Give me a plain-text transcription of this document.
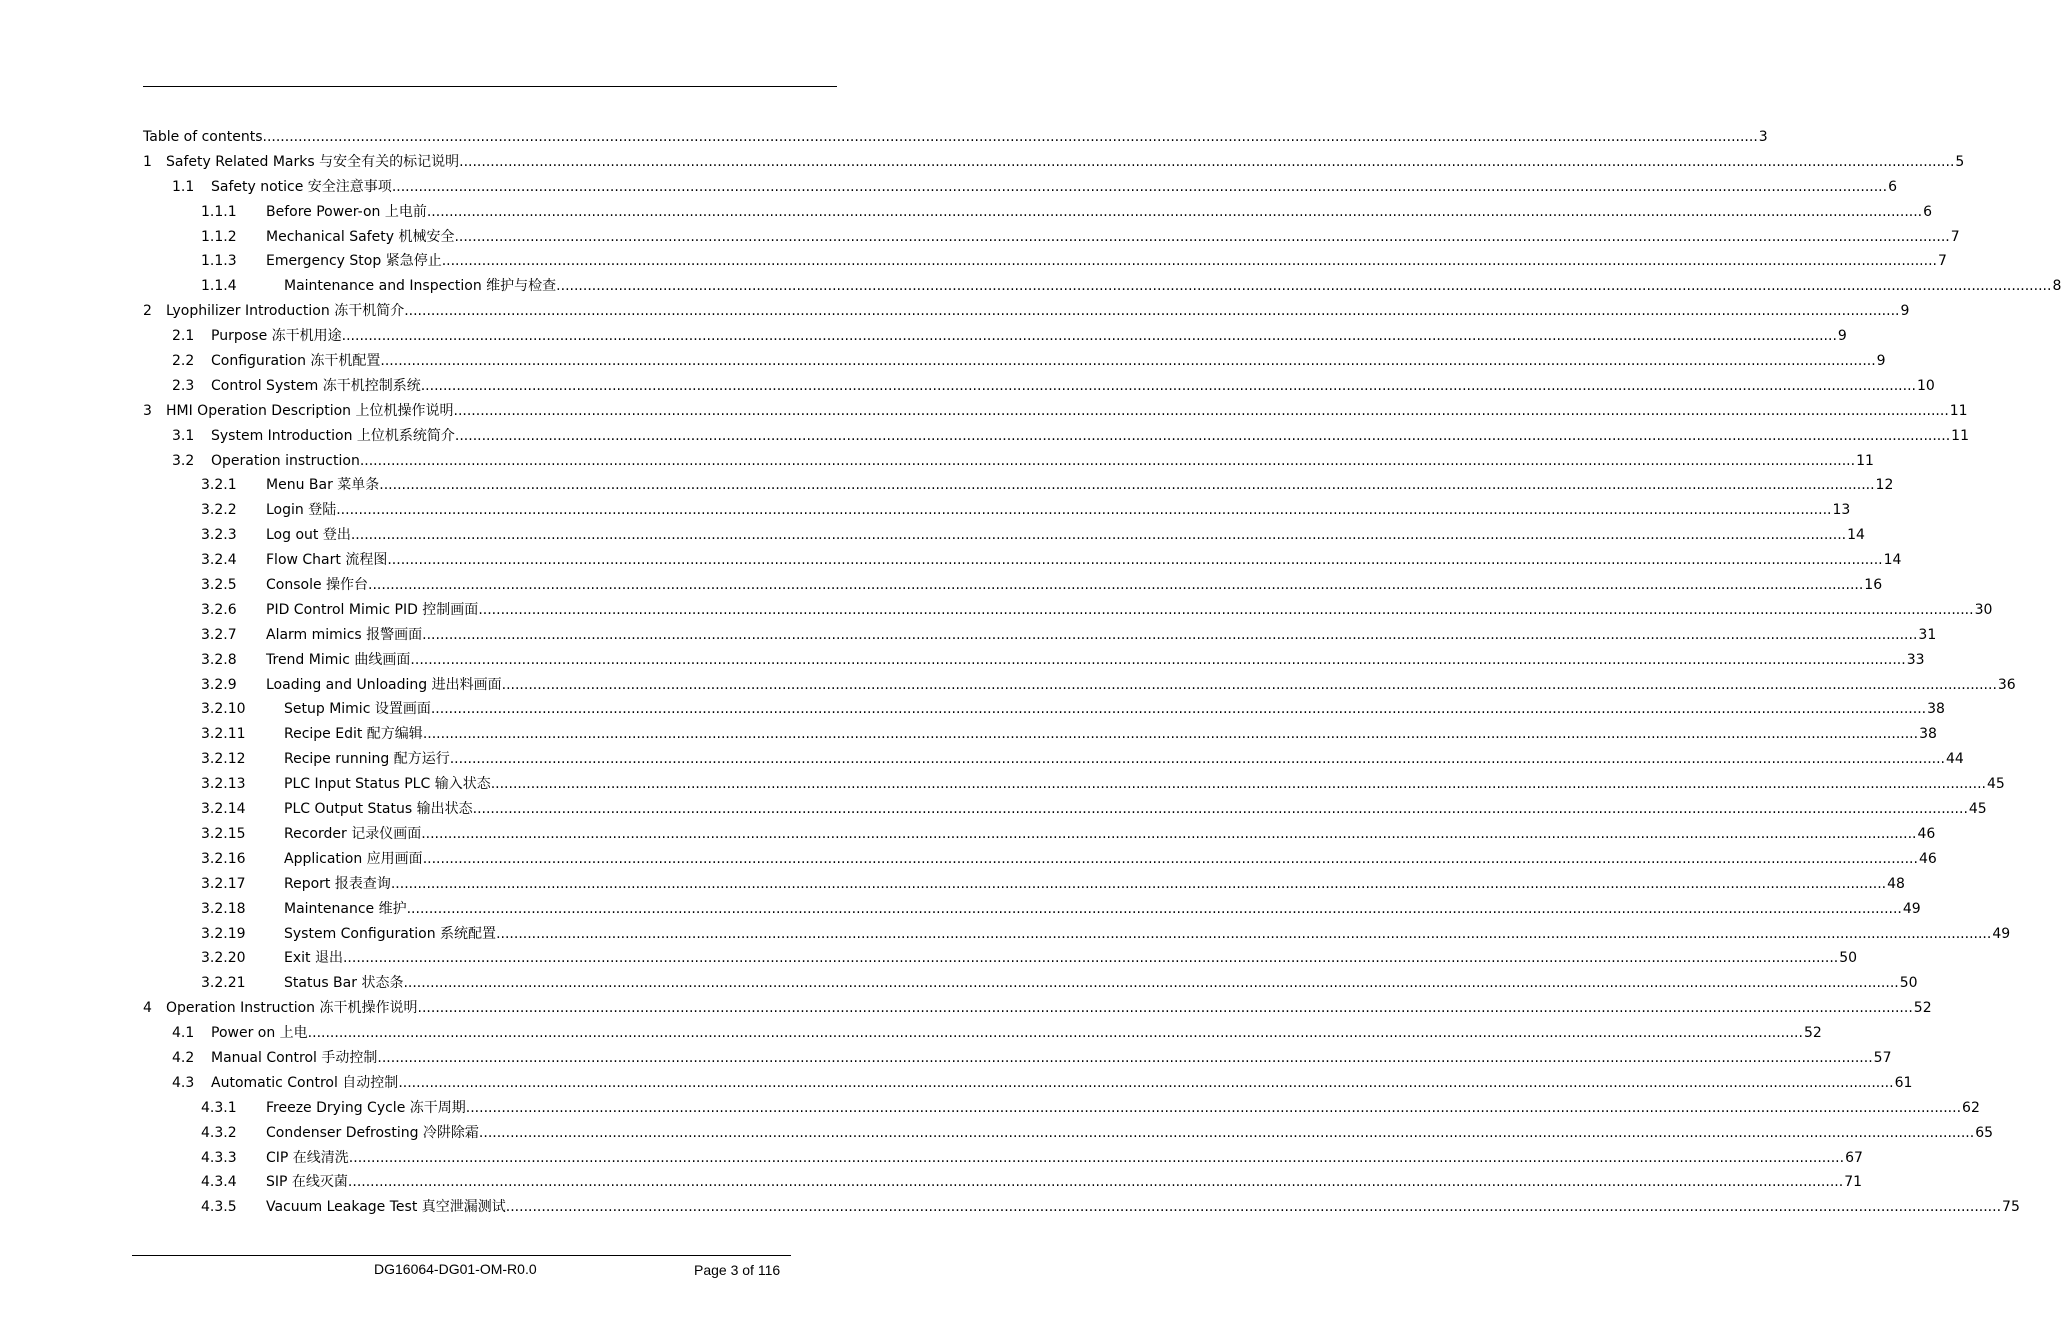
Table of contents .....	3
1 Safety Related Marks 与安全有关的标记说明 .....	5
1.1 Safety notice 安全注意事项 .....	6
1.1.1 Before Power-on 上电前 .....	6
1.1.2 Mechanical Safety 机械安全 .....	7
1.1.3 Emergency Stop 紧急停止 .....	7
1.1.4	Maintenance and Inspection 维护与检查 .....	8
2 Lyophilizer Introduction 冻干机简介 .....	9
2.1 Purpose 冻干机用途 .....	9
2.2 Configuration 冻干机配置 .....	9
2.3 Control System 冻干机控制系统 .....	10
3 HMI Operation Description 上位机操作说明 .....	11
3.1 System Introduction 上位机系统简介 .....	11
3.2 Operation instruction .....	11
3.2.1 Menu Bar 菜单条 .....	12
3.2.2 Login 登陆 .....	13
3.2.3 Log out 登出 .....	14
3.2.4 Flow Chart 流程图 .....	14
3.2.5 Console 操作台 .....	16
3.2.6 PID Control Mimic PID 控制画面 .....	30
3.2.7 Alarm mimics 报警画面 .....	31
3.2.8 Trend Mimic 曲线画面 .....	33
3.2.9 Loading and Unloading 进出料画面 .....	36
3.2.10	Setup Mimic 设置画面 .....	38
3.2.11	Recipe Edit 配方编辑 .....	38
3.2.12	Recipe running 配方运行 .....	44
3.2.13	PLC Input Status PLC 输入状态 .....	45
3.2.14	PLC Output Status 输出状态 .....	45
3.2.15	Recorder 记录仪画面 .....	46
3.2.16	Application 应用画面 .....	46
3.2.17	Report 报表查询 .....	48
3.2.18	Maintenance 维护 .....	49
3.2.19	System Configuration 系统配置 .....	49
3.2.20	Exit 退出 .....	50
3.2.21	Status Bar 状态条 .....	50
4 Operation Instruction 冻干机操作说明 .....	52
4.1 Power on 上电 .....	52
4.2 Manual Control 手动控制 .....	57
4.3 Automatic Control 自动控制 .....	61
4.3.1 Freeze Drying Cycle 冻干周期 .....	62
4.3.2 Condenser Defrosting 冷阱除霜 .....	65
4.3.3 CIP 在线清洗 .....	67
4.3.4 SIP 在线灭菌 .....	71
4.3.5 Vacuum Leakage Test 真空泄漏测试 .....	75
DG16064-DG01-OM-R0.0	Page 3 of 116
